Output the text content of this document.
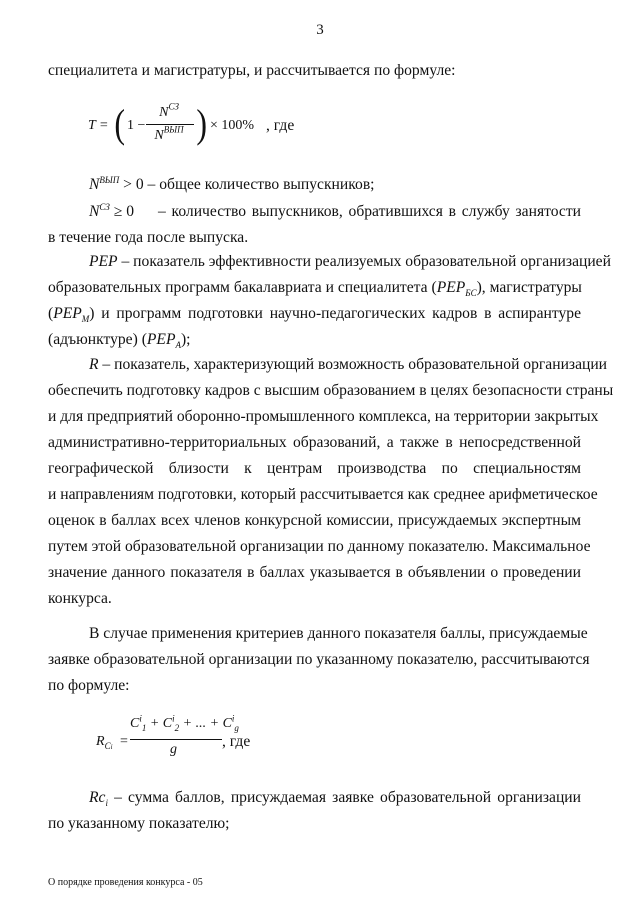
3
специалитета и магистратуры, и рассчитывается по формуле:
T = ( 1 −
$N^{СЗ}$
$N^{ВЫП}$ ) × 100% , где
$N^{ВЫП} > 0$ – общее количество выпускников;
$N^{СЗ} \ge 0$ – количество выпускников, обратившихся в службу занятости
в течение года после выпуска.
PEP – показатель эффективности реализуемых образовательной организацией
образовательных программ бакалавриата и специалитета $(PEP_{БС})$, магистратуры
$(PEP_М)$ и программ подготовки научно-педагогических кадров в аспирантуре
(адъюнктуре) $(PEP_А)$;
R – показатель, характеризующий возможность образовательной организации
обеспечить подготовку кадров с высшим образованием в целях безопасности страны
и для предприятий оборонно-промышленного комплекса, на территории закрытых
административно-территориальных образований, а также в непосредственной
географической близости к центрам производства по специальностям
и направлениям подготовки, который рассчитывается как среднее арифметическое
оценок в баллах всех членов конкурсной комиссии, присуждаемых экспертным
путем этой образовательной организации по данному показателю. Максимальное
значение данного показателя в баллах указывается в объявлении о проведении
конкурса.
В случае применения критериев данного показателя баллы, присуждаемые
заявке образовательной организации по указанному показателю, рассчитываются
по формуле:
$R_{Ci}$ =
$C^i_1 + C^i_2$ + ... + $C^i_g$
g	, где
$Rc_i$ – сумма баллов, присуждаемая заявке образовательной организации
по указанному показателю;
О порядке проведения конкурса - 05
